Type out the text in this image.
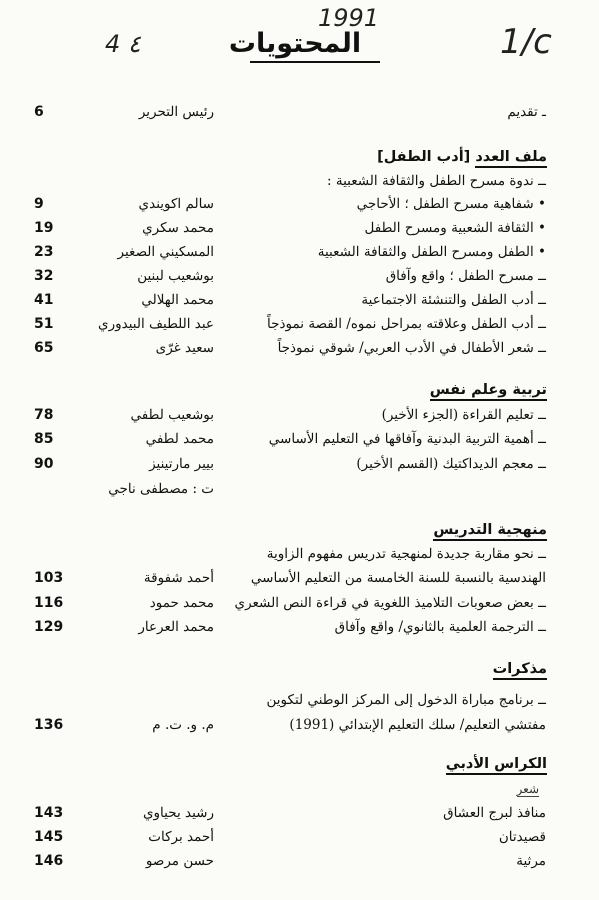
4 ٤
1991
1/c
المحتويات
ـ تقديم
رئيس التحرير
6
ملف العدد [أدب الطفل]
ــ ندوة مسرح الطفل والثقافة الشعبية :
• شفاهية مسرح الطفل ؛ الأحاجي
سالم اكويندي
9
• الثقافة الشعبية ومسرح الطفل
محمد سكري
19
• الطفل ومسرح الطفل والثقافة الشعبية
المسكيني الصغير
23
ــ مسرح الطفل ؛ واقع وآفاق
بوشعيب لبنين
32
ــ أدب الطفل والتنشئة الاجتماعية
محمد الهلالي
41
ــ أدب الطفل وعلاقته بمراحل نموه/ القصة نموذجاً
عبد اللطيف البيدوري
51
ــ شعر الأطفال في الأدب العربي/ شوقي نموذجاً
سعيد غرّى
65
تربية وعلم نفس
ــ تعليم القراءة (الجزء الأخير)
بوشعيب لطفي
78
ــ أهمية التربية البدنية وآفاقها في التعليم الأساسي
محمد لطفي
85
ــ معجم الديداكتيك (القسم الأخير)
بيير مارتينيز
90
ت : مصطفى ناجي
منهجية التدريس
ــ نحو مقاربة جديدة لمنهجية تدريس مفهوم الزاوية
الهندسية بالنسبة للسنة الخامسة من التعليم الأساسي
أحمد شفوقة
103
ــ بعض صعوبات التلاميذ اللغوية في قراءة النص الشعري
محمد حمود
116
ــ الترجمة العلمية بالثانوي/ واقع وآفاق
محمد العرعار
129
مذكرات
ــ برنامج مباراة الدخول إلى المركز الوطني لتكوين
مفتشي التعليم/ سلك التعليم الإبتدائي (1991)
م. و. ت. م
136
الكراس الأدبي
شعر
منافذ لبرج العشاق
رشيد يحياوي
143
قصيدتان
أحمد بركات
145
مرثية
حسن مرصو
146
